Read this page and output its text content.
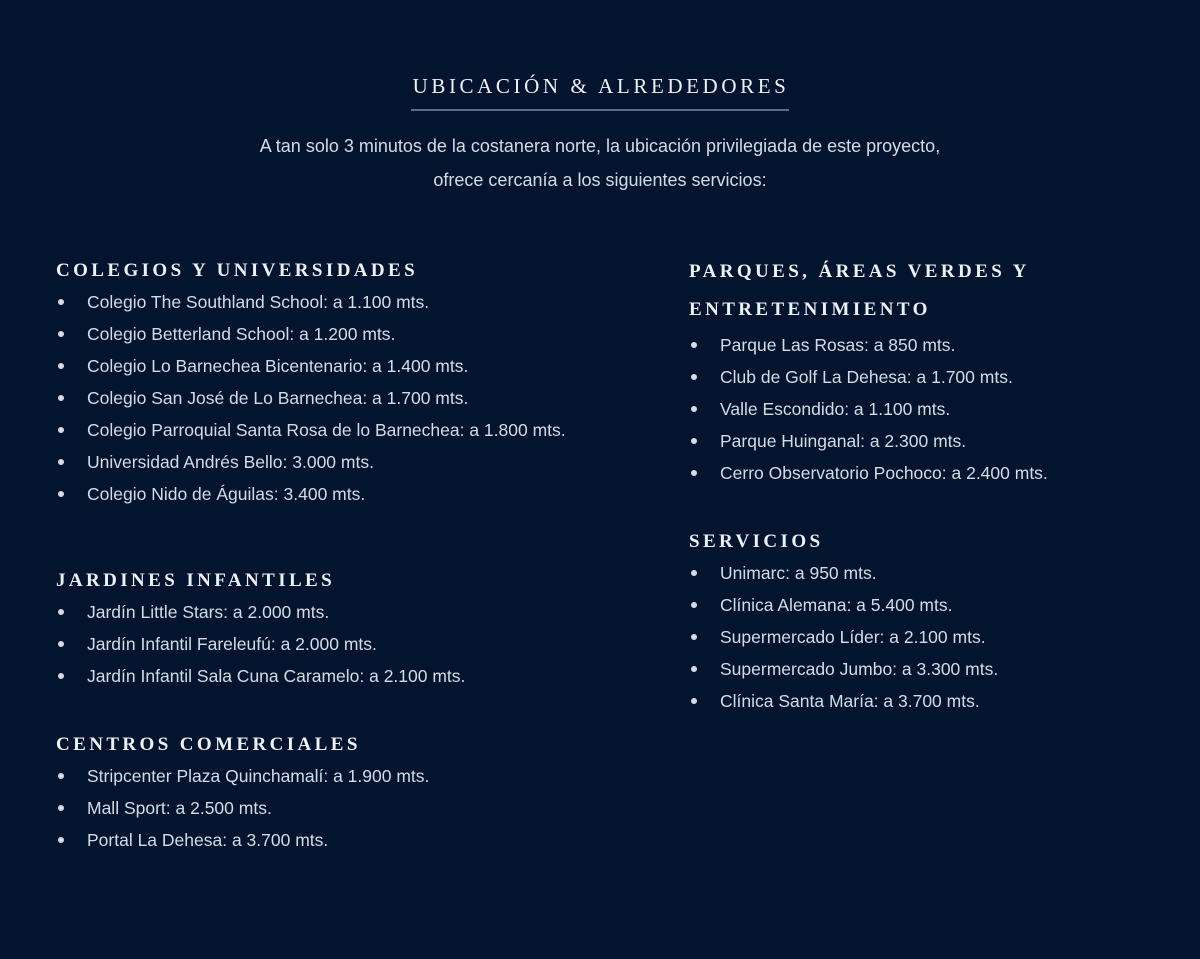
UBICACIÓN & ALREDEDORES
A tan solo 3 minutos de la costanera norte, la ubicación privilegiada de este proyecto,
ofrece cercanía a los siguientes servicios:
COLEGIOS Y UNIVERSIDADES
Colegio The Southland School: a 1.100 mts.
Colegio Betterland School: a 1.200 mts.
Colegio Lo Barnechea Bicentenario: a 1.400 mts.
Colegio San José de Lo Barnechea: a 1.700 mts.
Colegio Parroquial Santa Rosa de lo Barnechea: a 1.800 mts.
Universidad Andrés Bello: 3.000 mts.
Colegio Nido de Águilas: 3.400 mts.
JARDINES INFANTILES
Jardín Little Stars: a 2.000 mts.
Jardín Infantil Fareleufú: a 2.000 mts.
Jardín Infantil Sala Cuna Caramelo: a 2.100 mts.
CENTROS COMERCIALES
Stripcenter Plaza Quinchamalí: a 1.900 mts.
Mall Sport: a 2.500 mts.
Portal La Dehesa: a 3.700 mts.
PARQUES, ÁREAS VERDES Y
ENTRETENIMIENTO
Parque Las Rosas: a 850 mts.
Club de Golf La Dehesa: a 1.700 mts.
Valle Escondido: a 1.100 mts.
Parque Huinganal: a 2.300 mts.
Cerro Observatorio Pochoco: a 2.400 mts.
SERVICIOS
Unimarc: a 950 mts.
Clínica Alemana: a 5.400 mts.
Supermercado Líder: a 2.100 mts.
Supermercado Jumbo: a 3.300 mts.
Clínica Santa María: a 3.700 mts.
